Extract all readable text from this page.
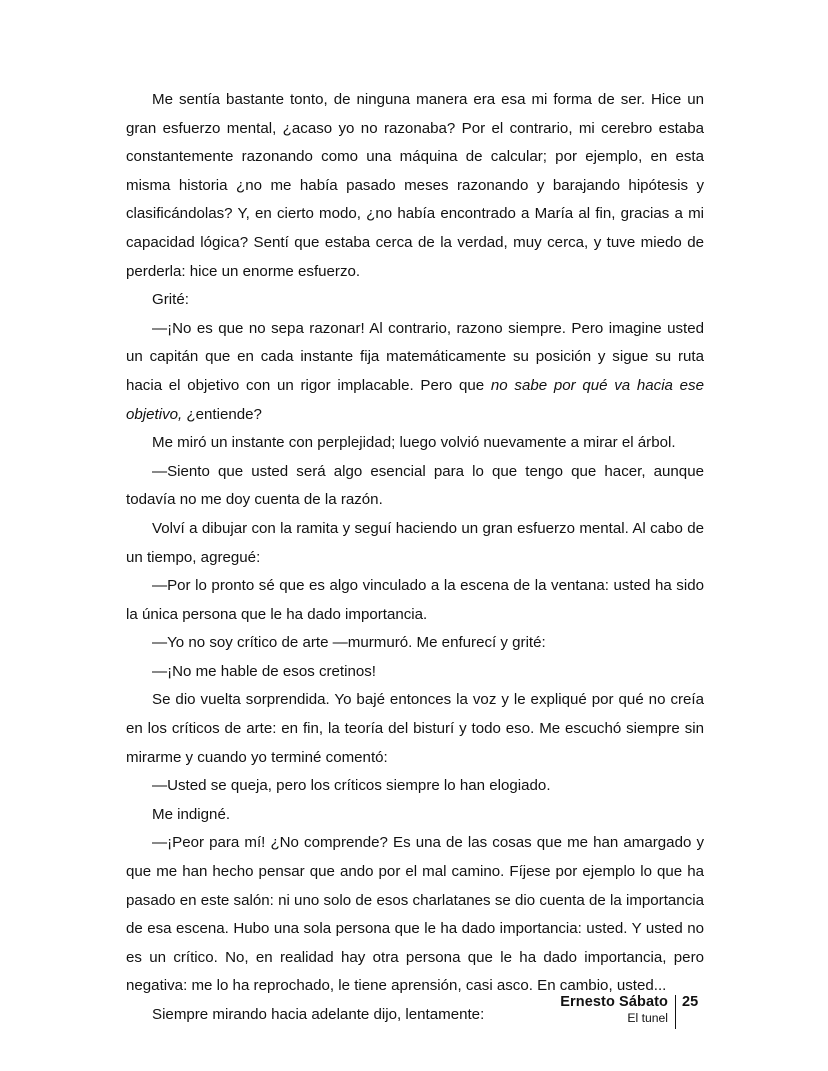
Me sentía bastante tonto, de ninguna manera era esa mi forma de ser. Hice un gran esfuerzo mental, ¿acaso yo no razonaba? Por el contrario, mi cerebro estaba constantemente razonando como una máquina de calcular; por ejemplo, en esta misma historia ¿no me había pasado meses razonando y barajando hipótesis y clasificándolas? Y, en cierto modo, ¿no había encontrado a María al fin, gracias a mi capacidad lógica? Sentí que estaba cerca de la verdad, muy cerca, y tuve miedo de perderla: hice un enorme esfuerzo.

Grité:

—¡No es que no sepa razonar! Al contrario, razono siempre. Pero imagine usted un capitán que en cada instante fija matemáticamente su posición y sigue su ruta hacia el objetivo con un rigor implacable. Pero que no sabe por qué va hacia ese objetivo, ¿entiende?

Me miró un instante con perplejidad; luego volvió nuevamente a mirar el árbol.

—Siento que usted será algo esencial para lo que tengo que hacer, aunque todavía no me doy cuenta de la razón.

Volví a dibujar con la ramita y seguí haciendo un gran esfuerzo mental. Al cabo de un tiempo, agregué:

—Por lo pronto sé que es algo vinculado a la escena de la ventana: usted ha sido la única persona que le ha dado importancia.

—Yo no soy crítico de arte —murmuró. Me enfurecí y grité:

—¡No me hable de esos cretinos!

Se dio vuelta sorprendida. Yo bajé entonces la voz y le expliqué por qué no creía en los críticos de arte: en fin, la teoría del bisturí y todo eso. Me escuchó siempre sin mirarme y cuando yo terminé comentó:

—Usted se queja, pero los críticos siempre lo han elogiado.

Me indigné.

—¡Peor para mí! ¿No comprende? Es una de las cosas que me han amargado y que me han hecho pensar que ando por el mal camino. Fíjese por ejemplo lo que ha pasado en este salón: ni uno solo de esos charlatanes se dio cuenta de la importancia de esa escena. Hubo una sola persona que le ha dado importancia: usted. Y usted no es un crítico. No, en realidad hay otra persona que le ha dado importancia, pero negativa: me lo ha reprochado, le tiene aprensión, casi asco. En cambio, usted...

Siempre mirando hacia adelante dijo, lentamente:

Ernesto Sábato 25
El tunel
